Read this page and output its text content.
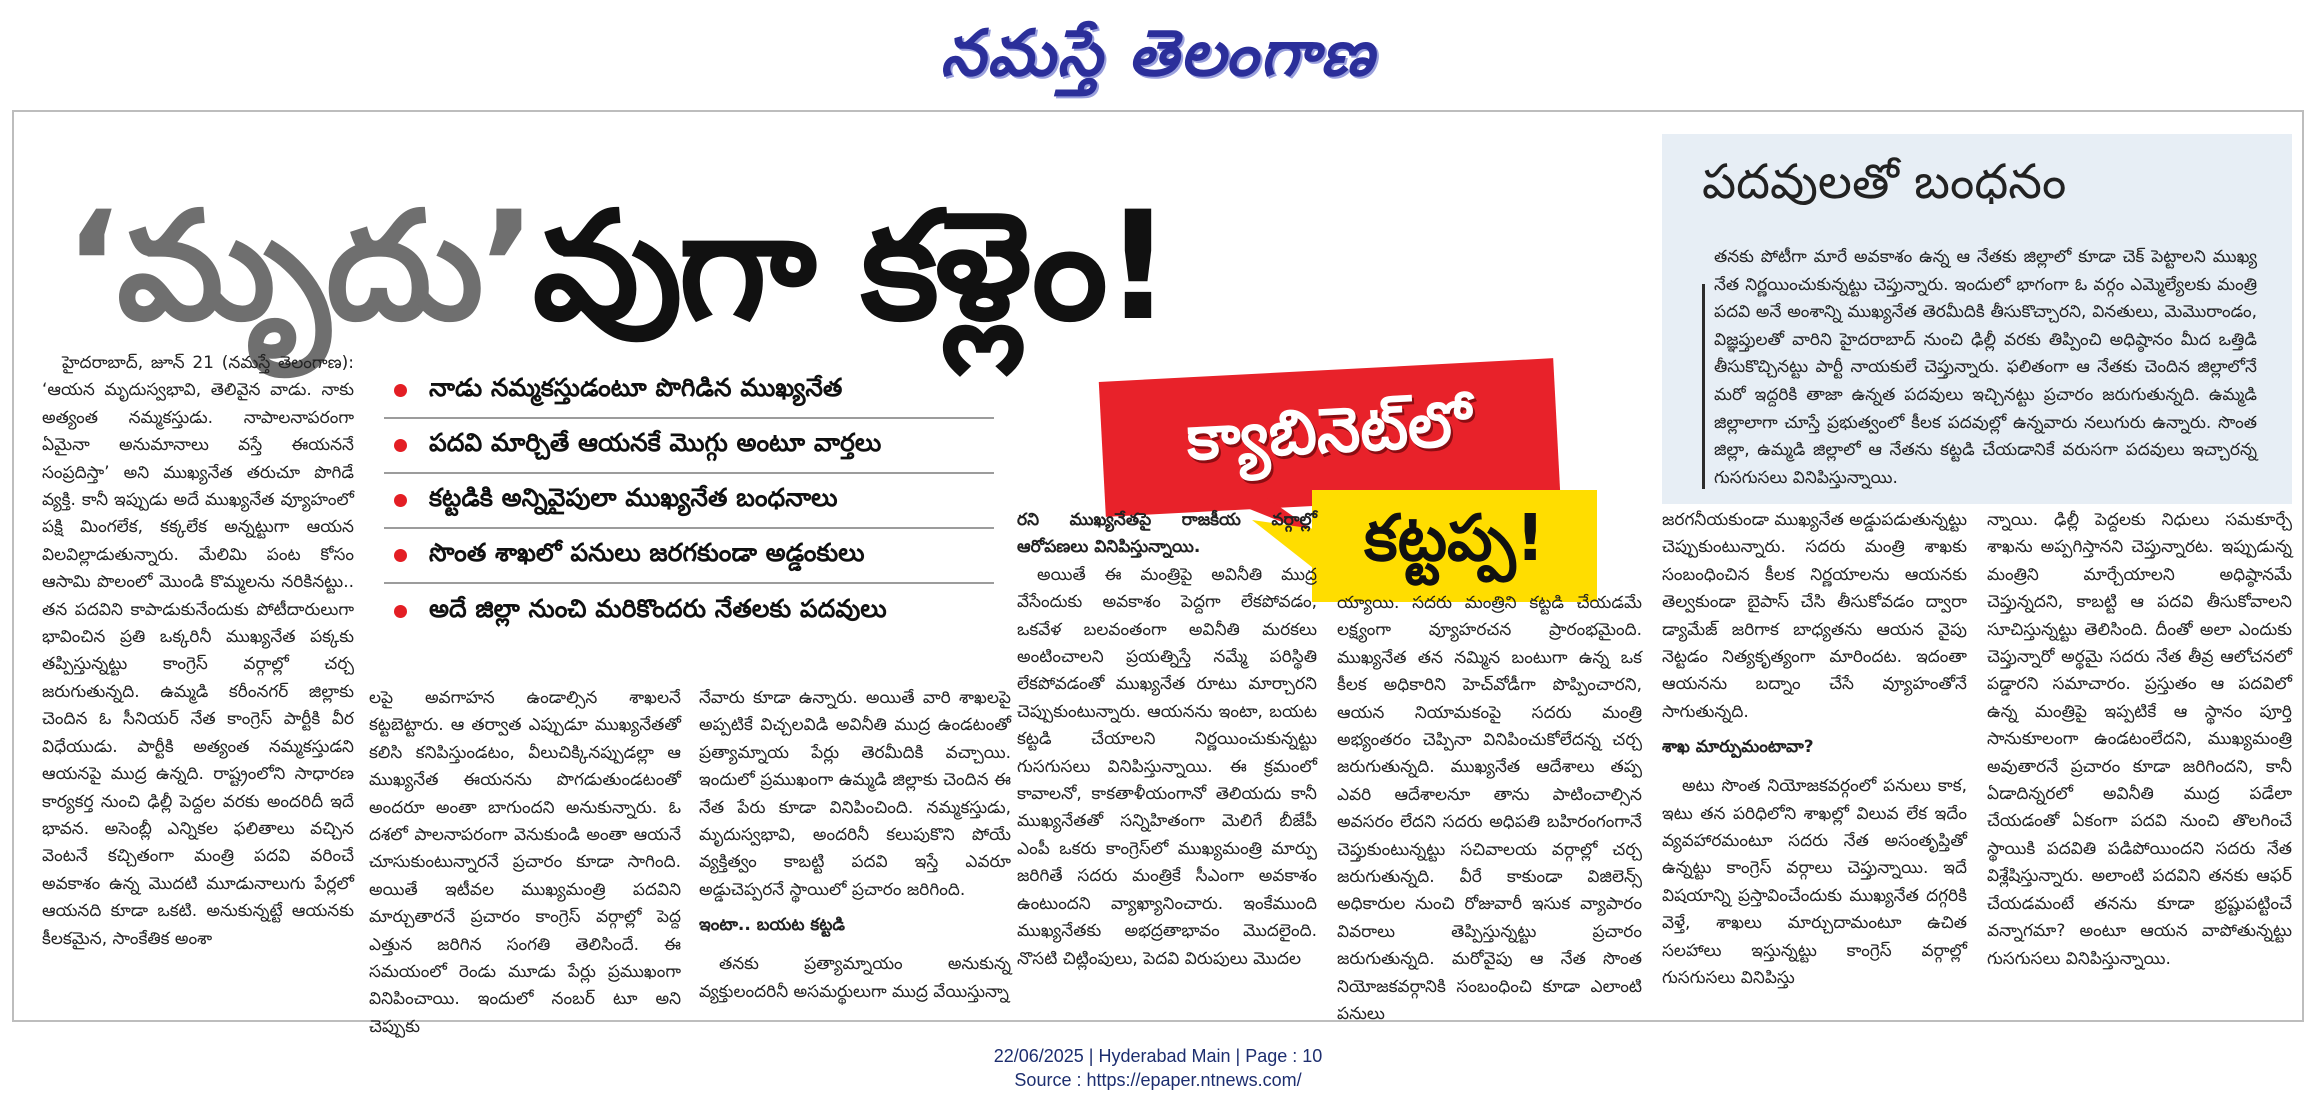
నమస్తే తెలంగాణ
‘మృదు’వుగా కళ్లెం!
నాడు నమ్మకస్తుడంటూ పొగిడిన ముఖ్యనేత
పదవి మార్చితే ఆయనకే మొగ్గు అంటూ వార్తలు
కట్టడికి అన్నివైపులా ముఖ్యనేత బంధనాలు
సొంత శాఖలో పనులు జరగకుండా అడ్డంకులు
అదే జిల్లా నుంచి మరికొందరు నేతలకు పదవులు
క్యాబినెట్‌లో
కట్టప్ప!
పదవులతో బంధనం
తనకు పోటీగా మారే అవకాశం ఉన్న ఆ నేతకు జిల్లాలో కూడా చెక్ పెట్టాలని ముఖ్య నేత నిర్ణయించుకున్నట్టు చెప్తున్నారు. ఇందులో భాగంగా ఓ వర్గం ఎమ్మెల్యేలకు మంత్రి పదవి అనే అంశాన్ని ముఖ్యనేత తెరమీదికి తీసుకొచ్చారని, వినతులు, మెమొరాండం, విజ్ఞప్తులతో వారిని హైదరాబాద్ నుంచి ఢిల్లీ వరకు తిప్పించి అధిష్ఠానం మీద ఒత్తిడి తీసుకొచ్చినట్టు పార్టీ నాయకులే చెప్తున్నారు. ఫలితంగా ఆ నేతకు చెందిన జిల్లాలోనే మరో ఇద్దరికి తాజా ఉన్నత పదవులు ఇచ్చినట్టు ప్రచారం జరుగుతున్నది. ఉమ్మడి జిల్లాలాగా చూస్తే ప్రభుత్వంలో కీలక పదవుల్లో ఉన్నవారు నలుగురు ఉన్నారు. సొంత జిల్లా, ఉమ్మడి జిల్లాలో ఆ నేతను కట్టడి చేయడానికే వరుసగా పదవులు ఇచ్చారన్న గుసగుసలు వినిపిస్తున్నాయి.

హైదరాబాద్, జూన్ 21 (నమస్తే తెలంగాణ): ‘ఆయన మృదుస్వభావి, తెలివైన వాడు. నాకు అత్యంత నమ్మకస్తుడు. నాపాలనాపరంగా ఏమైనా అనుమానాలు వస్తే ఈయననే సంప్రదిస్తా’ అని ముఖ్యనేత తరుచూ పొగిడే వ్యక్తి. కానీ ఇప్పుడు అదే ముఖ్యనేత వ్యూహంలో పక్షి మింగలేక, కక్కలేక అన్నట్టుగా ఆయన విలవిల్లాడుతున్నారు. మేలిమి పంట కోసం ఆసామి పొలంలో మొండి కొమ్మలను నరికినట్టు.. తన పదవిని కాపాడుకునేందుకు పోటీదారులుగా భావించిన ప్రతి ఒక్కరినీ ముఖ్యనేత పక్కకు తప్పిస్తున్నట్టు కాంగ్రెస్ వర్గాల్లో చర్చ జరుగుతున్నది. ఉమ్మడి కరీంనగర్ జిల్లాకు చెందిన ఓ సీనియర్ నేత కాంగ్రెస్ పార్టీకి వీర విధేయుడు. పార్టీకి అత్యంత నమ్మకస్తుడని ఆయనపై ముద్ర ఉన్నది. రాష్ట్రంలోని సాధారణ కార్యకర్త నుంచి ఢిల్లీ పెద్దల వరకు అందరిదీ ఇదే భావన. అసెంబ్లీ ఎన్నికల ఫలితాలు వచ్చిన వెంటనే కచ్చితంగా మంత్రి పదవి వరించే అవకాశం ఉన్న మొదటి మూడునాలుగు పేర్లలో ఆయనది కూడా ఒకటి. అనుకున్నట్టే ఆయనకు కీలకమైన, సాంకేతిక అంశా

లపై అవగాహన ఉండాల్సిన శాఖలనే కట్టబెట్టారు. ఆ తర్వాత ఎప్పుడూ ముఖ్యనేతతో కలిసి కనిపిస్తుండటం, వీలుచిక్కినప్పుడల్లా ఆ ముఖ్యనేత ఈయనను పొగడుతుండటంతో అందరూ అంతా బాగుందని అనుకున్నారు. ఓ దశలో పాలనాపరంగా వెనుకుండి అంతా ఆయనే చూసుకుంటున్నారనే ప్రచారం కూడా సాగింది. అయితే ఇటీవల ముఖ్యమంత్రి పదవిని మార్చుతారనే ప్రచారం కాంగ్రెస్ వర్గాల్లో పెద్ద ఎత్తున జరిగిన సంగతి తెలిసిందే. ఈ సమయంలో రెండు మూడు పేర్లు ప్రముఖంగా వినిపించాయి. ఇందులో నంబర్ టూ అని చెప్పుకు

నేవారు కూడా ఉన్నారు. అయితే వారి శాఖలపై అప్పటికే విచ్చలవిడి అవినీతి ముద్ర ఉండటంతో ప్రత్యామ్నాయ పేర్లు తెరమీదికి వచ్చాయి. ఇందులో ప్రముఖంగా ఉమ్మడి జిల్లాకు చెందిన ఈ నేత పేరు కూడా వినిపించింది. నమ్మకస్తుడు, మృదుస్వభావి, అందరినీ కలుపుకొని పోయే వ్యక్తిత్వం కాబట్టి పదవి ఇస్తే ఎవరూ అడ్డుచెప్పరనే స్థాయిలో ప్రచారం జరిగింది.

ఇంటా.. బయట కట్టడి

తనకు ప్రత్యామ్నాయం అనుకున్న వ్యక్తులందరినీ అసమర్థులుగా ముద్ర వేయిస్తున్నా

రని ముఖ్యనేతపై రాజకీయ వర్గాల్లో ఆరోపణలు వినిపిస్తున్నాయి.

అయితే ఈ మంత్రిపై అవినీతి ముద్ర వేసేందుకు అవకాశం పెద్దగా లేకపోవడం, ఒకవేళ బలవంతంగా అవినీతి మరకలు అంటించాలని ప్రయత్నిస్తే నమ్మే పరిస్థితి లేకపోవడంతో ముఖ్యనేత రూటు మార్చారని చెప్పుకుంటున్నారు. ఆయనను ఇంటా, బయట కట్టడి చేయాలని నిర్ణయించుకున్నట్టు గుసగుసలు వినిపిస్తున్నాయి. ఈ క్రమంలో కావాలనో, కాకతాళీయంగానో తెలియదు కానీ ముఖ్యనేతతో సన్నిహితంగా మెలిగే బీజేపీ ఎంపీ ఒకరు కాంగ్రెస్‌లో ముఖ్యమంత్రి మార్పు జరిగితే సదరు మంత్రికే సీఎంగా అవకాశం ఉంటుందని వ్యాఖ్యానించారు. ఇంకేముంది ముఖ్యనేతకు అభద్రతాభావం మొదలైంది. నొసటి చిట్లింపులు, పెదవి విరుపులు మొదల

య్యాయి. సదరు మంత్రిని కట్టడి చేయడమే లక్ష్యంగా వ్యూహరచన ప్రారంభమైంది. ముఖ్యనేత తన నమ్మిన బంటుగా ఉన్న ఒక కీలక అధికారిని హెచ్‌వోడీగా పొప్పించారని, ఆయన నియామకంపై సదరు మంత్రి అభ్యంతరం చెప్పినా వినిపించుకోలేదన్న చర్చ జరుగుతున్నది. ముఖ్యనేత ఆదేశాలు తప్ప ఎవరి ఆదేశాలనూ తాను పాటించాల్సిన అవసరం లేదని సదరు అధిపతి బహిరంగంగానే చెప్తుకుంటున్నట్టు సచివాలయ వర్గాల్లో చర్చ జరుగుతున్నది. వీరే కాకుండా విజిలెన్స్ అధికారుల నుంచి రోజువారీ ఇసుక వ్యాపారం వివరాలు తెప్పిస్తున్నట్టు ప్రచారం జరుగుతున్నది. మరోవైపు ఆ నేత సొంత నియోజకవర్గానికి సంబంధించి కూడా ఎలాంటి పనులు

జరగనీయకుండా ముఖ్యనేత అడ్డుపడుతున్నట్టు చెప్పుకుంటున్నారు. సదరు మంత్రి శాఖకు సంబంధించిన కీలక నిర్ణయాలను ఆయనకు తెల్వకుండా బైపాస్ చేసి తీసుకోవడం ద్వారా డ్యామేజ్ జరిగాక బాధ్యతను ఆయన వైపు నెట్టడం నిత్యకృత్యంగా మారిందట. ఇదంతా ఆయనను బద్నాం చేసే వ్యూహంతోనే సాగుతున్నది.

శాఖ మార్పుమంటావా?

అటు సొంత నియోజకవర్గంలో పనులు కాక, ఇటు తన పరిధిలోని శాఖల్లో విలువ లేక ఇదేం వ్యవహారమంటూ సదరు నేత అసంతృప్తితో ఉన్నట్టు కాంగ్రెస్ వర్గాలు చెప్తున్నాయి. ఇదే విషయాన్ని ప్రస్తావించేందుకు ముఖ్యనేత దగ్గరికి వెళ్తే, శాఖలు మార్చుదామంటూ ఉచిత సలహాలు ఇస్తున్నట్టు కాంగ్రెస్ వర్గాల్లో గుసగుసలు వినిపిస్తు

న్నాయి. ఢిల్లీ పెద్దలకు నిధులు సమకూర్చే శాఖను అప్పగిస్తానని చెప్తున్నారట. ఇప్పుడున్న మంత్రిని మార్చేయాలని అధిష్ఠానమే చెప్తున్నదని, కాబట్టి ఆ పదవి తీసుకోవాలని సూచిస్తున్నట్టు తెలిసింది. దీంతో అలా ఎందుకు చెప్తున్నారో అర్థమై సదరు నేత తీవ్ర ఆలోచనలో పడ్డారని సమాచారం. ప్రస్తుతం ఆ పదవిలో ఉన్న మంత్రిపై ఇప్పటికే ఆ స్థానం పూర్తి సానుకూలంగా ఉండటంలేదని, ముఖ్యమంత్రి అవుతారనే ప్రచారం కూడా జరిగిందని, కానీ ఏడాదిన్నరలో అవినీతి ముద్ర పడేలా చేయడంతో ఏకంగా పదవి నుంచి తొలగించే స్థాయికి పదవితి పడిపోయిందని సదరు నేత విశ్లేషిస్తున్నారు. అలాంటి పదవిని తనకు ఆఫర్ చేయడమంటే తనను కూడా భ్రష్టుపట్టించే వన్నాగమా? అంటూ ఆయన వాపోతున్నట్టు గుసగుసలు వినిపిస్తున్నాయి.

22/06/2025 | Hyderabad Main | Page : 10
Source : https://epaper.ntnews.com/
